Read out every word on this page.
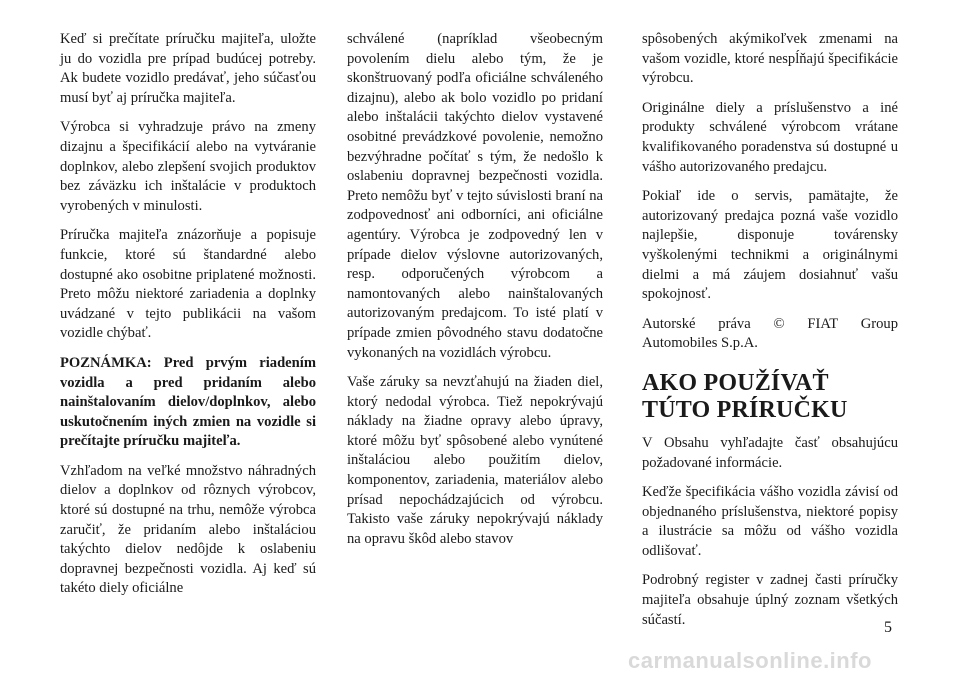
Keď si prečítate príručku majiteľa, uložte ju do vozidla pre prípad budúcej potreby. Ak budete vozidlo predávať, jeho súčasťou musí byť aj príručka majiteľa.

Výrobca si vyhradzuje právo na zmeny dizajnu a špecifikácií alebo na vytváranie doplnkov, alebo zlepšení svojich produktov bez záväzku ich inštalácie v produktoch vyrobených v minulosti.

Príručka majiteľa znázorňuje a popisuje funkcie, ktoré sú štandardné alebo dostupné ako osobitne priplatené možnosti. Preto môžu niektoré zariadenia a doplnky uvádzané v tejto publikácii na vašom vozidle chýbať.

POZNÁMKA: Pred prvým riadením vozidla a pred pridaním alebo nainštalovaním dielov/doplnkov, alebo uskutočnením iných zmien na vozidle si prečítajte príručku majiteľa.

Vzhľadom na veľké množstvo náhradných dielov a doplnkov od rôznych výrobcov, ktoré sú dostupné na trhu, nemôže výrobca zaručiť, že pridaním alebo inštaláciou takýchto dielov nedôjde k oslabeniu dopravnej bezpečnosti vozidla. Aj keď sú takéto diely oficiálne

schválené (napríklad všeobecným povolením dielu alebo tým, že je skonštruovaný podľa oficiálne schváleného dizajnu), alebo ak bolo vozidlo po pridaní alebo inštalácii takýchto dielov vystavené osobitné prevádzkové povolenie, nemožno bezvýhradne počítať s tým, že nedošlo k oslabeniu dopravnej bezpečnosti vozidla. Preto nemôžu byť v tejto súvislosti braní na zodpovednosť ani odborníci, ani oficiálne agentúry. Výrobca je zodpovedný len v prípade dielov výslovne autorizovaných, resp. odporučených výrobcom a namontovaných alebo nainštalovaných autorizovaným predajcom. To isté platí v prípade zmien pôvodného stavu dodatočne vykonaných na vozidlách výrobcu.

Vaše záruky sa nevzťahujú na žiaden diel, ktorý nedodal výrobca. Tiež nepokrývajú náklady na žiadne opravy alebo úpravy, ktoré môžu byť spôsobené alebo vynútené inštaláciou alebo použitím dielov, komponentov, zariadenia, materiálov alebo prísad nepochádzajúcich od výrobcu. Takisto vaše záruky nepokrývajú náklady na opravu škôd alebo stavov

spôsobených akýmikoľvek zmenami na vašom vozidle, ktoré nespĺňajú špecifikácie výrobcu.

Originálne diely a príslušenstvo a iné produkty schválené výrobcom vrátane kvalifikovaného poradenstva sú dostupné u vášho autorizovaného predajcu.

Pokiaľ ide o servis, pamätajte, že autorizovaný predajca pozná vaše vozidlo najlepšie, disponuje továrensky vyškolenými technikmi a originálnymi dielmi a má záujem dosiahnuť vašu spokojnosť.

Autorské práva © FIAT Group Automobiles S.p.A.

AKO POUŽÍVAŤ TÚTO PRÍRUČKU

V Obsahu vyhľadajte časť obsahujúcu požadované informácie.

Keďže špecifikácia vášho vozidla závisí od objednaného príslušenstva, niektoré popisy a ilustrácie sa môžu od vášho vozidla odlišovať.

Podrobný register v zadnej časti príručky majiteľa obsahuje úplný zoznam všetkých súčastí.	5
carmanualsonline.info
